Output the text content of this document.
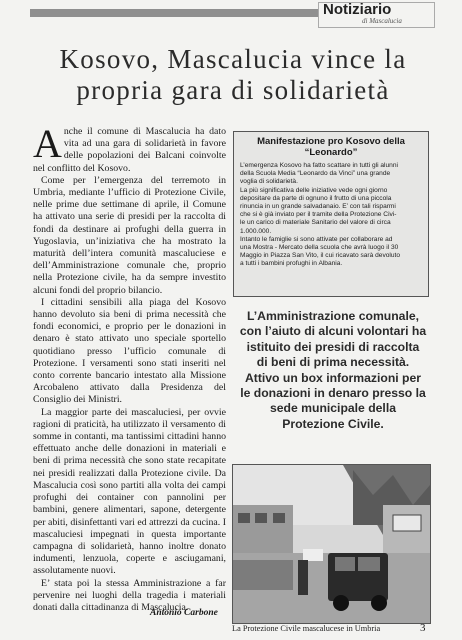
Notiziario
di Mascalucia
Kosovo, Mascalucia vince la propria gara di solidarietà

Anche il comune di Mascalucia ha dato vita ad una gara di solidarietà in favore delle popolazioni dei Balcani coinvolte nel conflitto del Kosovo.

Come per l’emergenza del terremoto in Umbria, mediante l’ufficio di Protezione Civile, nelle prime due settimane di aprile, il Comune ha attivato una serie di presidi per la raccolta di fondi da destinare ai profughi della guerra in Yugoslavia, un’iniziativa che ha mostrato la maturità dell’intera comunità mascaluciese e dell’Amministrazione comunale che, proprio nella Protezione civile, ha da sempre investito alcuni fondi del proprio bilancio.

I cittadini sensibili alla piaga del Kosovo hanno devoluto sia beni di prima necessità che fondi economici, e proprio per le donazioni in denaro è stato attivato uno speciale sportello quotidiano presso l’ufficio comunale di Protezione. I versamenti sono stati inseriti nel conto corrente bancario intestato alla Missione Arcobaleno attivato dalla Presidenza del Consiglio dei Ministri.

La maggior parte dei mascaluciesi, per ovvie ragioni di praticità, ha utilizzato il versamento di somme in contanti, ma tantissimi cittadini hanno effettuato anche delle donazioni in materiali e beni di prima necessità che sono state recapitate nei presidi realizzati dalla Protezione civile. Da Mascalucia così sono partiti alla volta dei campi profughi dei container con pannolini per bambini, genere alimentari, sapone, detergente per abiti, disinfettanti vari ed attrezzi da cucina. I mascaluciesi impegnati in questa importante campagna di solidarietà, hanno inoltre donato indumenti, lenzuola, coperte e asciugamani, assolutamente nuovi.

E’ stata poi la stessa Amministrazione a far pervenire nei luoghi della tragedia i materiali donati dalla cittadinanza di Mascalucia.

Antonio Carbone
Manifestazione pro Kosovo della
“Leonardo”
L’emergenza Kosovo ha fatto scattare in tutti gli alunni
della Scuola Media “Leonardo da Vinci” una grande
voglia di solidarietà.
La più significativa delle iniziative vede ogni giorno
depositare da parte di ognuno il frutto di una piccola
rinuncia in un grande salvadanaio. E’ con tali risparmi
che si è già inviato per il tramite della Protezione Civi-
le un carico di materiale Sanitario del valore di circa
1.000.000.
Intanto le famiglie si sono attivate per collaborare ad
una Mostra - Mercato della scuola che avrà luogo il 30
Maggio in Piazza San Vito, il cui ricavato sarà devoluto
a tutti i bambini profughi in Albania.
L’Amministrazione comunale,
con l’aiuto di alcuni volontari ha
istituito dei presidi di raccolta
di beni di prima necessità.
Attivo un box informazioni per
le donazioni in denaro presso la
sede municipale della
Protezione Civile.
La Protezione Civile mascalucese in Umbria	3
